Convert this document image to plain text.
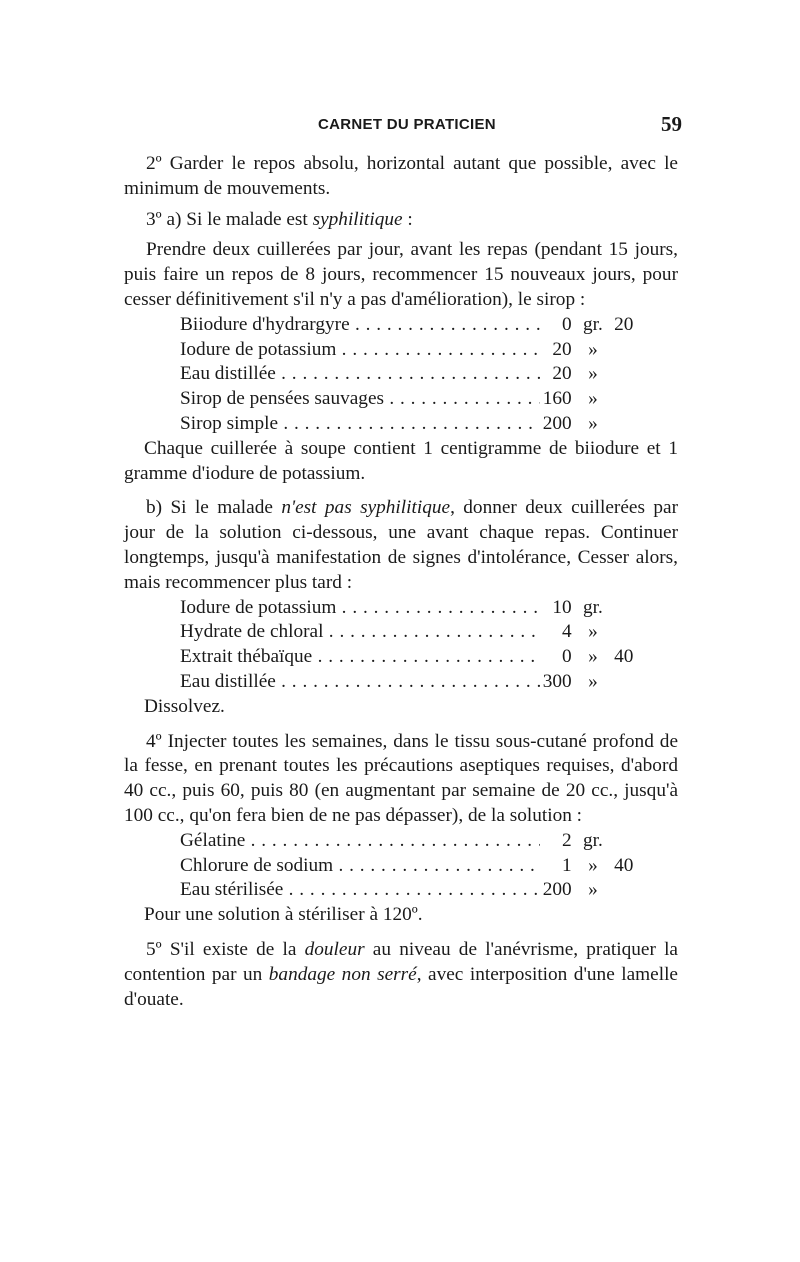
CARNET DU PRATICIEN	59

2º Garder le repos absolu, horizontal autant que possible, avec le minimum de mouvements.

3º a) Si le malade est syphilitique :

Prendre deux cuillerées par jour, avant les repas (pendant 15 jours, puis faire un repos de 8 jours, recommencer 15 nouveaux jours, pour cesser définitivement s'il n'y a pas d'amélioration), le sirop :

Biiodure d'hydrargyre . . .	0 gr. 20
Iodure de potassium . . .	20 »
Eau distillée . . .	20 »
Sirop de pensées sauvages . . .	160 »
Sirop simple . . .	200 »

Chaque cuillerée à soupe contient 1 centigramme de biiodure et 1 gramme d'iodure de potassium.

b) Si le malade n'est pas syphilitique, donner deux cuillerées par jour de la solution ci-dessous, une avant chaque repas. Continuer longtemps, jusqu'à manifestation de signes d'intolérance, Cesser alors, mais recommencer plus tard :

Iodure de potassium . . .	10 gr.
Hydrate de chloral . . .	4 »
Extrait thébaïque . . .	0 » 40
Eau distillée . . .	300 »

Dissolvez.

4º Injecter toutes les semaines, dans le tissu sous-cutané profond de la fesse, en prenant toutes les précautions aseptiques requises, d'abord 40 cc., puis 60, puis 80 (en augmentant par semaine de 20 cc., jusqu'à 100 cc., qu'on fera bien de ne pas dépasser), de la solution :

Gélatine . . .	2 gr.
Chlorure de sodium . . .	1 » 40
Eau stérilisée . . .	200 »

Pour une solution à stériliser à 120º.

5º S'il existe de la douleur au niveau de l'anévrisme, pratiquer la contention par un bandage non serré, avec interposition d'une lamelle d'ouate.
